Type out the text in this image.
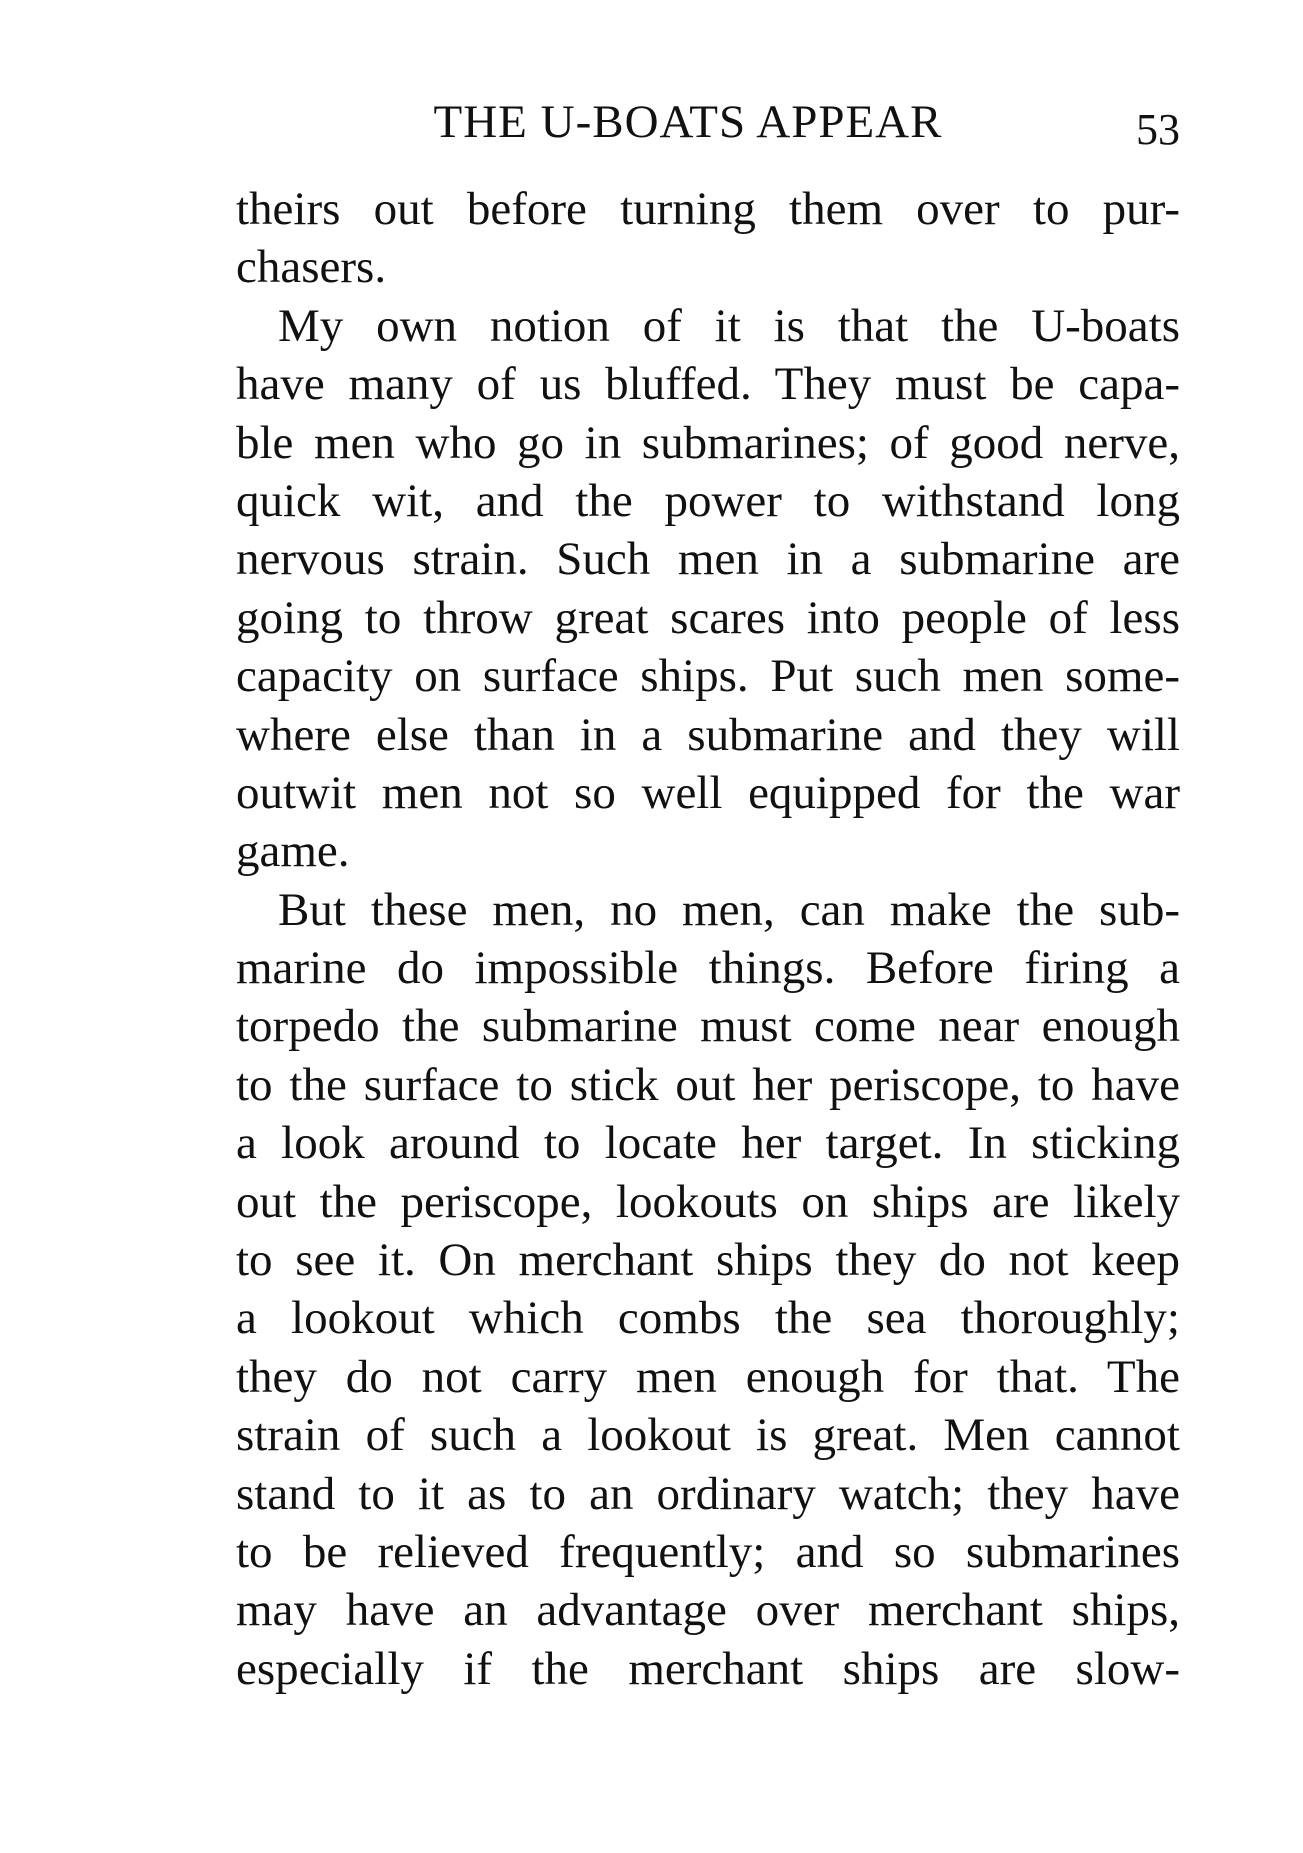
THE U-BOATS APPEAR	53
theirs out before turning them over to pur-
chasers.
My own notion of it is that the U-boats
have many of us bluffed. They must be capa-
ble men who go in submarines; of good nerve,
quick wit, and the power to withstand long
nervous strain. Such men in a submarine are
going to throw great scares into people of less
capacity on surface ships. Put such men some-
where else than in a submarine and they will
outwit men not so well equipped for the war
game.
But these men, no men, can make the sub-
marine do impossible things. Before firing a
torpedo the submarine must come near enough
to the surface to stick out her periscope, to have
a look around to locate her target. In sticking
out the periscope, lookouts on ships are likely
to see it. On merchant ships they do not keep
a lookout which combs the sea thoroughly;
they do not carry men enough for that. The
strain of such a lookout is great. Men cannot
stand to it as to an ordinary watch; they have
to be relieved frequently; and so submarines
may have an advantage over merchant ships,
especially if the merchant ships are slow-
